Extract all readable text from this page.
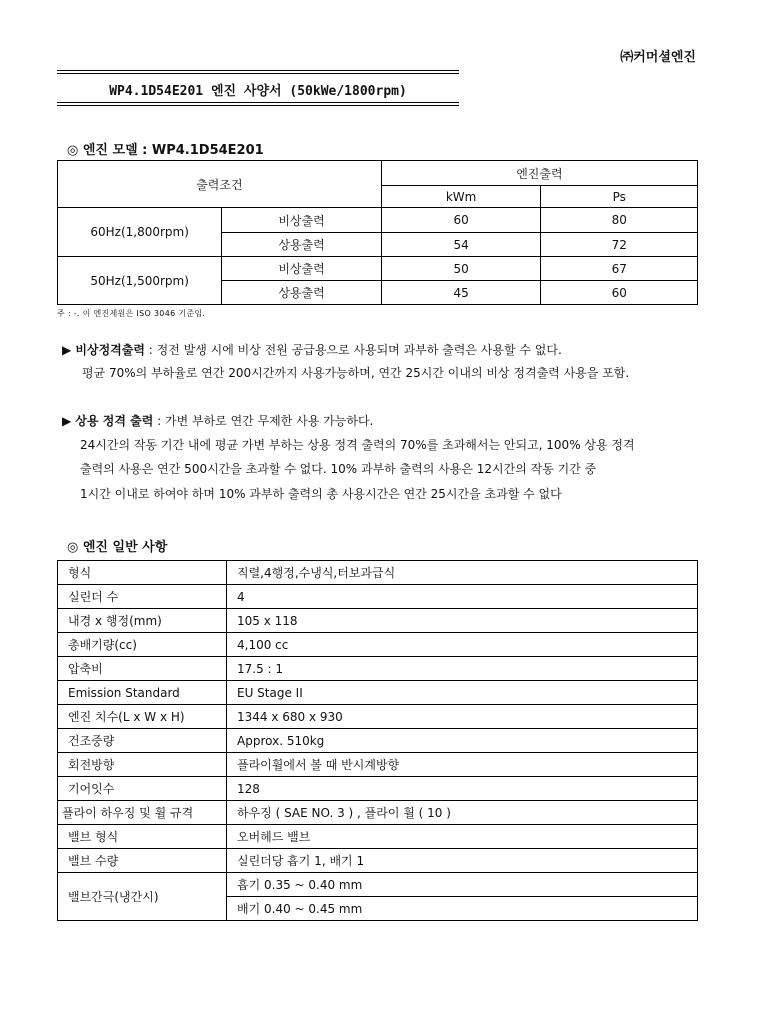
㈜커머셜엔진
WP4.1D54E201 엔진 사양서 (50kWe/1800rpm)
◎ 엔진 모델 : WP4.1D54E201
출력조건		엔진출력	
		kWm	Ps
60Hz(1,800rpm)	비상출력	60	80
	상용출력	54	72
50Hz(1,500rpm)	비상출력	50	67
	상용출력	45	60
주 : -. 이 엔진제원은 ISO 3046 기준임.
▶ 비상정격출력 : 정전 발생 시에 비상 전원 공급용으로 사용되며 과부하 출력은 사용할 수 없다.
평균 70%의 부하율로 연간 200시간까지 사용가능하며, 연간 25시간 이내의 비상 정격출력 사용을 포함.
▶ 상용 정격 출력 : 가변 부하로 연간 무제한 사용 가능하다.
24시간의 작동 기간 내에 평균 가변 부하는 상용 정격 출력의 70%를 초과해서는 안되고, 100% 상용 정격
출력의 사용은 연간 500시간을 초과할 수 없다. 10% 과부하 출력의 사용은 12시간의 작동 기간 중
1시간 이내로 하여야 하며 10% 과부하 출력의 총 사용시간은 연간 25시간을 초과할 수 없다
◎ 엔진 일반 사항
형식	직렬,4행정,수냉식,터보과급식
실린더 수	4
내경 x 행정(mm)	105 x 118
총배기량(cc)	4,100 cc
압축비	17.5 : 1
Emission Standard	EU Stage II
엔진 치수(L x W x H)	1344 x 680 x 930
건조중량	Approx. 510kg
회전방향	플라이휠에서 볼 때 반시계방향
기어잇수	128
플라이 하우징 및 휠 규격	하우징 ( SAE NO. 3 ) , 플라이 휠 ( 10 )
밸브 형식	오버헤드 밸브
밸브 수량	실린더당 흡기 1, 배기 1
밸브간극(냉간시)	흡기 0.35 ~ 0.40 mm
	배기 0.40 ~ 0.45 mm
